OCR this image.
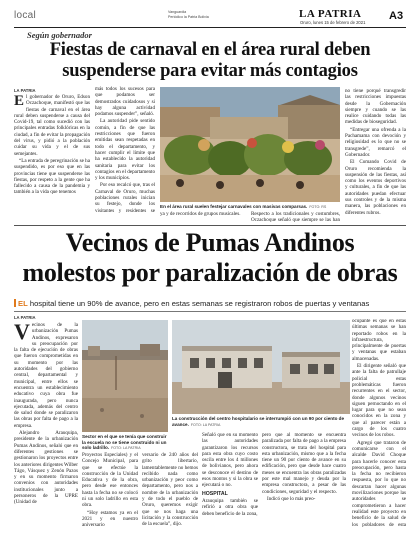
local	Vanguardia
Periódico la Patria Bolivia	LA PATRIA
Oruro, lunes 15 de febrero de 2021
A3
Según gobernador
Fiestas de carnaval en el área rural deben
suspenderse para evitar más contagios
LA PATRIA
E l gobernador de Oruro, Edson Oczachoque, manifestó que las fiestas de carnaval en el área rural deben suspenderse a causa del Covid-19, tal como sucedió con las principales entradas folklóricas en la ciudad, a fin de evitar la propagación del virus, y pidió a la población cuidar su vida y el de sus semejantes.

“La entrada de peregrinación se ha suspendido, es por eso que en las provincias tiene que suspenderse las fiestas, por respeto a la gente que ha fallecido a causa de la pandemia y también a la vida que tenemos

más todos los sucesos para que podamos ser demostrados cuidadosos y si hay alguna actividad podamos suspender”, señaló.

La autoridad pide sentido común, a fin de que las restricciones que fueron emitidas sean respetadas en todo el departamento, y hacer cumplir el límite que ha establecido la autoridad sanitaria para evitar los contagios en el departamento y los municipios.

Por eso recalcó que, tras el Carnaval de Oruro, muchas poblaciones rurales inician su festejo, donde los visitantes y residentes se

En el área rural suelen festejar carnavales con masivas comparsas. FOTO: RS

ya y de recorridos de grupos musicales.	Respecto a los tradicionales y costumbres, Oczachoque señaló que siempre se las han

no tiene porqué transgredir las restricciones impuestas desde la Gobernación siempre y cuando se las realice cuidando todas las medidas de bioseguridad.

“Entregar una ofrenda a la Pachamama con devoción y religiosidad es lo que no se transgrede”, remarcó el Gobernador.

El Comando Covid de Oruro recomienda la suspensión de las fiestas, así como los eventos deportivos y culturales, a fin de que las autoridades puedan efectuar sus controles y de la misma manera, las poblaciones en diferentes rubros.

Vecinos de Pumas Andinos
molestos por paralización de obras
EL hospital tiene un 90% de avance, pero en estas semanas se registraron robos de puertas y ventanas
LA PATRIA
V ecinos de la urbanización Pumas Andinos, expresaron su preocupación por la falta de ejecución de obras que fueron comprometidas en su momento por las autoridades del gobierno central, departamental y municipal, entre ellos se encuentra un establecimiento educativo cuya obra fue inaugurada, pero nunca ejecutada, además del centro de salud donde se paralizaron las obras por falta de pago a la empresa.

Alejandro Arauquipa, presidente de la urbanización Pumas Andinos, señaló que en diferentes gestiones se gestionaron los proyectos entre los anteriores dirigentes Wilber Tágo, Vásquez y Zenón Pazos y en su momento firmaron convenios con autoridades institucionales junto a personeros de la UPRE (Unidad de

Sector en el que se tenía que construir la escuela no se tiene construido ni un solo ladrillo. FOTO: LA PATRIA

Proyectos Especiales) y el Concejo Municipal, para que se efectúe la construcción de la Unidad Educativa y de la obra, pero desde ese entonces hasta la fecha no se colocó ni un solo ladrillo en esta obra.

“Hoy estamos ya en el 2021 y en nuestro aniversario

versario de 240 años del grito libertario, lamentablemente no hemos recibido nada como urbanización y peor como departamento, pero nos a nombre de la urbanización y de todo el pueblo de Oruro, queremos exigir que se nos haga una licitación y la construcción de la escuela”, dijo.

La construcción del centro hospitalario se interrumpió con un 90 por ciento de avance. FOTO: LA PATRIA

Señaló que en su momento las autoridades garantizaron los recursos para esta obra cuyo costo oscila entre los 4 millones de bolivianos, pero ahora se desconoce el destino de esos montos y si la obra se ejecutará o no.

HOSPITAL

Arauquipa también se refirió a otra obra que deben beneficio de la zona,

pero que al momento se encuentra paralizada por falta de pago a la empresa constructora, se trata del hospital para esta urbanización, mismo que a la fecha tiene un 90 por ciento de avance en su edificación, pero que desde hace cuatro meses se encuentra las obras paralizadas por este mal manejo y deuda por la empresa constructora, a pesar de las condiciones, seguridad y el respecto.

Indicó que lo más preo-

ocupante es que en estas últimas semanas se han reportado robos en la infraestructura, principalmente de puertas y ventanas que estaban almacenadas.

El dirigente señaló que ante la falta de patrullaje policial estas problemáticas fueron recurrentes en el sector, donde algunos vecinos siguen pernoctando en el lugar para que no sean conocidos en la zona y que al parecer están a cargo de los cuatro vecinos de los robos.

Agregó que trataron de comunicarse con el alcalde David Choque para hacerle conocer esta preocupación, pero hasta la fecha no recibieron respuesta, por lo que no descartan hacer algunas movilizaciones porque las autoridades se comprometieron a hacer realidad este proyecto en beneficio de la salud de los pobladores de esta
